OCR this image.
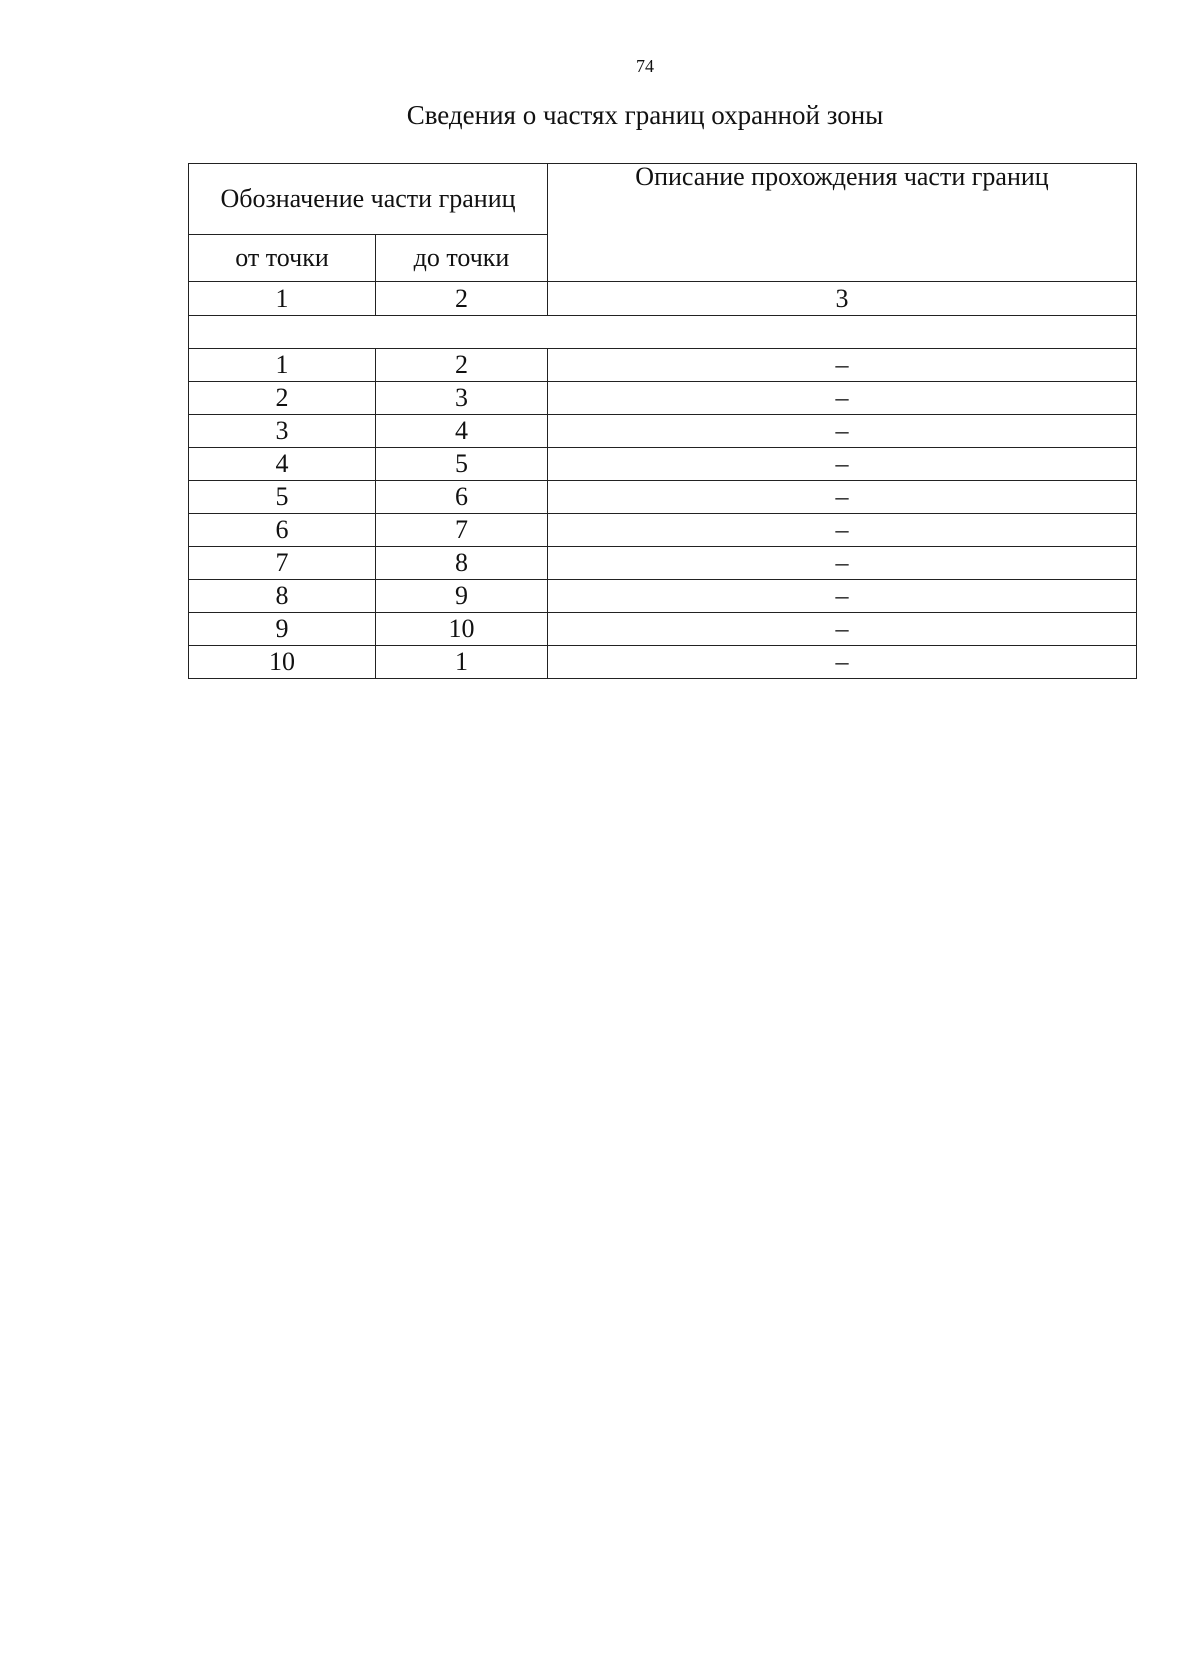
74
Сведения о частях границ охранной зоны
Обозначение части границ		Описание прохождения части границ
от точки	до точки	
1	2	3

1	2	–
2	3	–
3	4	–
4	5	–
5	6	–
6	7	–
7	8	–
8	9	–
9	10	–
10	1	–
